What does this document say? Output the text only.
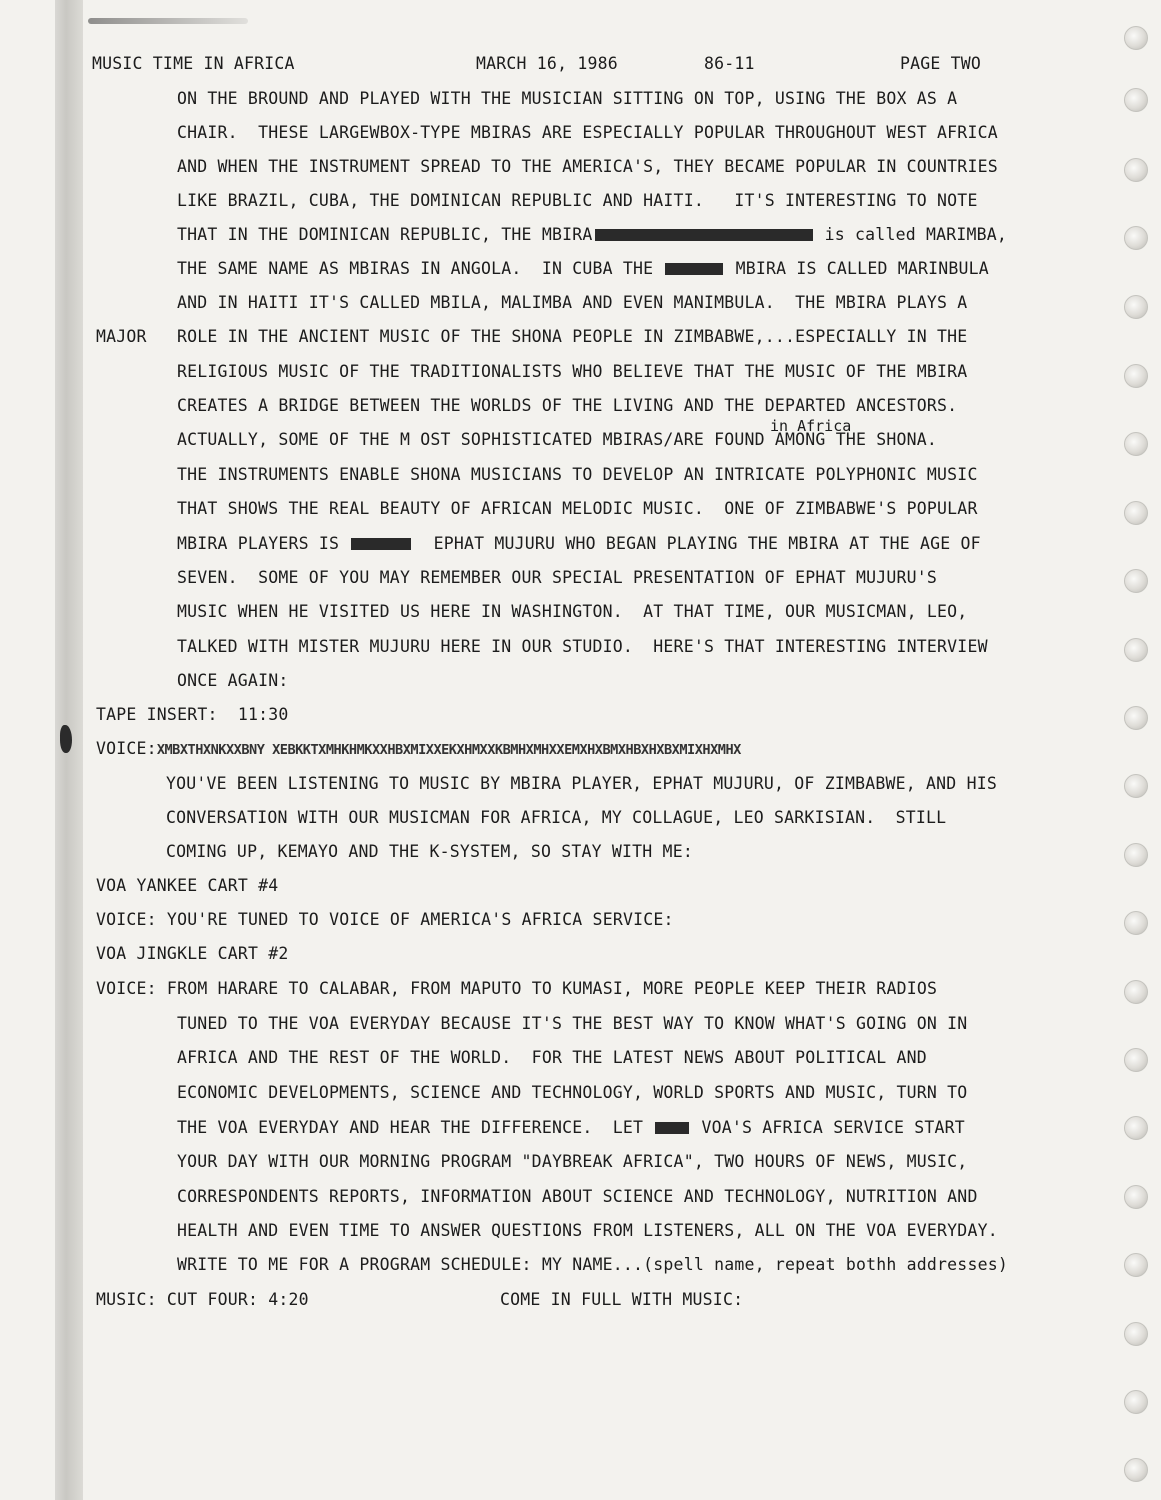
MUSIC TIME IN AFRICA	MARCH 16, 1986	86-11	PAGE TWO
ON THE BROUND AND PLAYED WITH THE MUSICIAN SITTING ON TOP, USING THE BOX AS A
CHAIR.  THESE LARGEWBOX-TYPE MBIRAS ARE ESPECIALLY POPULAR THROUGHOUT WEST AFRICA
AND WHEN THE INSTRUMENT SPREAD TO THE AMERICA'S, THEY BECAME POPULAR IN COUNTRIES
LIKE BRAZIL, CUBA, THE DOMINICAN REPUBLIC AND HAITI.   IT'S INTERESTING TO NOTE
THAT IN THE DOMINICAN REPUBLIC, THE MBIRA	is called MARIMBA,
THE SAME NAME AS MBIRAS IN ANGOLA.  IN CUBA THE	MBIRA IS CALLED MARINBULA
AND IN HAITI IT'S CALLED MBILA, MALIMBA AND EVEN MANIMBULA.  THE MBIRA PLAYS A
MAJOR ROLE IN THE ANCIENT MUSIC OF THE SHONA PEOPLE IN ZIMBABWE,...ESPECIALLY IN THE
RELIGIOUS MUSIC OF THE TRADITIONALISTS WHO BELIEVE THAT THE MUSIC OF THE MBIRA
CREATES A BRIDGE BETWEEN THE WORLDS OF THE LIVING AND THE DEPARTED ANCESTORS.
in Africa
ACTUALLY, SOME OF THE M OST SOPHISTICATED MBIRAS/ARE FOUND AMONG THE SHONA.
THE INSTRUMENTS ENABLE SHONA MUSICIANS TO DEVELOP AN INTRICATE POLYPHONIC MUSIC
THAT SHOWS THE REAL BEAUTY OF AFRICAN MELODIC MUSIC.  ONE OF ZIMBABWE'S POPULAR
MBIRA PLAYERS IS	EPHAT MUJURU WHO BEGAN PLAYING THE MBIRA AT THE AGE OF
SEVEN.  SOME OF YOU MAY REMEMBER OUR SPECIAL PRESENTATION OF EPHAT MUJURU'S
MUSIC WHEN HE VISITED US HERE IN WASHINGTON.  AT THAT TIME, OUR MUSICMAN, LEO,
TALKED WITH MISTER MUJURU HERE IN OUR STUDIO.  HERE'S THAT INTERESTING INTERVIEW
ONCE AGAIN:
TAPE INSERT:  11:30
VOICE:XMBXTHXNKXXBNY XEBKKTXMHKHMKXXHBXMIXXEKXHMXXKBMHXMHXXEMXHXBMXHBXHXBXMIXHXMHX
YOU'VE BEEN LISTENING TO MUSIC BY MBIRA PLAYER, EPHAT MUJURU, OF ZIMBABWE, AND HIS
CONVERSATION WITH OUR MUSICMAN FOR AFRICA, MY COLLAGUE, LEO SARKISIAN.  STILL
COMING UP, KEMAYO AND THE K-SYSTEM, SO STAY WITH ME:
VOA YANKEE CART #4
VOICE: YOU'RE TUNED TO VOICE OF AMERICA'S AFRICA SERVICE:
VOA JINGKLE CART #2
VOICE: FROM HARARE TO CALABAR, FROM MAPUTO TO KUMASI, MORE PEOPLE KEEP THEIR RADIOS
TUNED TO THE VOA EVERYDAY BECAUSE IT'S THE BEST WAY TO KNOW WHAT'S GOING ON IN
AFRICA AND THE REST OF THE WORLD.  FOR THE LATEST NEWS ABOUT POLITICAL AND
ECONOMIC DEVELOPMENTS, SCIENCE AND TECHNOLOGY, WORLD SPORTS AND MUSIC, TURN TO
THE VOA EVERYDAY AND HEAR THE DIFFERENCE.  LET	VOA'S AFRICA SERVICE START
YOUR DAY WITH OUR MORNING PROGRAM "DAYBREAK AFRICA", TWO HOURS OF NEWS, MUSIC,
CORRESPONDENTS REPORTS, INFORMATION ABOUT SCIENCE AND TECHNOLOGY, NUTRITION AND
HEALTH AND EVEN TIME TO ANSWER QUESTIONS FROM LISTENERS, ALL ON THE VOA EVERYDAY.
WRITE TO ME FOR A PROGRAM SCHEDULE: MY NAME...(spell name, repeat bothh addresses)
MUSIC: CUT FOUR: 4:20	COME IN FULL WITH MUSIC:
